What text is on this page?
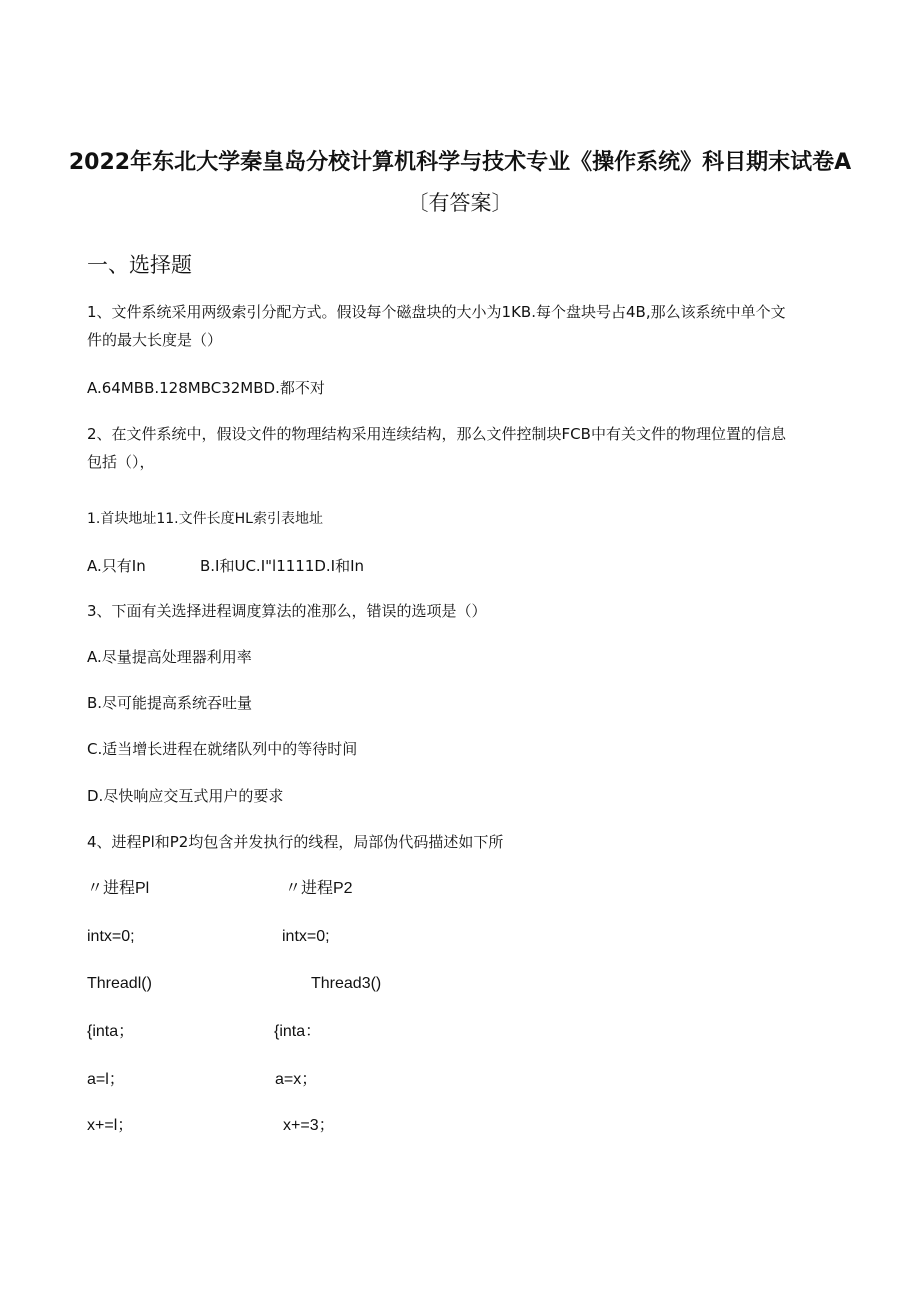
2022年东北大学秦皇岛分校计算机科学与技术专业《操作系统》科目期末试卷A
〔有答案〕
一、选择题
1、文件系统采用两级索引分配方式。假设每个磁盘块的大小为1KB.每个盘块号占4B,那么该系统中单个文
件的最大长度是（）
A.64MBB.128MBC32MBD.都不对
2、在文件系统中，假设文件的物理结构采用连续结构，那么文件控制块FCB中有关文件的物理位置的信息
包括（），
1.首块地址11.文件长度HL索引表地址
A.只有In	B.I和UC.I"l1111D.I和In
3、下面有关选择进程调度算法的准那么，错误的选项是（）
A.尽量提高处理器利用率
B.尽可能提高系统吞吐量
C.适当增长进程在就绪队列中的等待时间
D.尽快响应交互式用户的要求
4、进程Pl和P2均包含并发执行的线程，局部伪代码描述如下所
〃进程Pl
intx=0;
Threadl()
{inta；
a=l；
x+=l；
〃进程P2
intx=0;
Thread3()
{inta：
a=x；
x+=3；
